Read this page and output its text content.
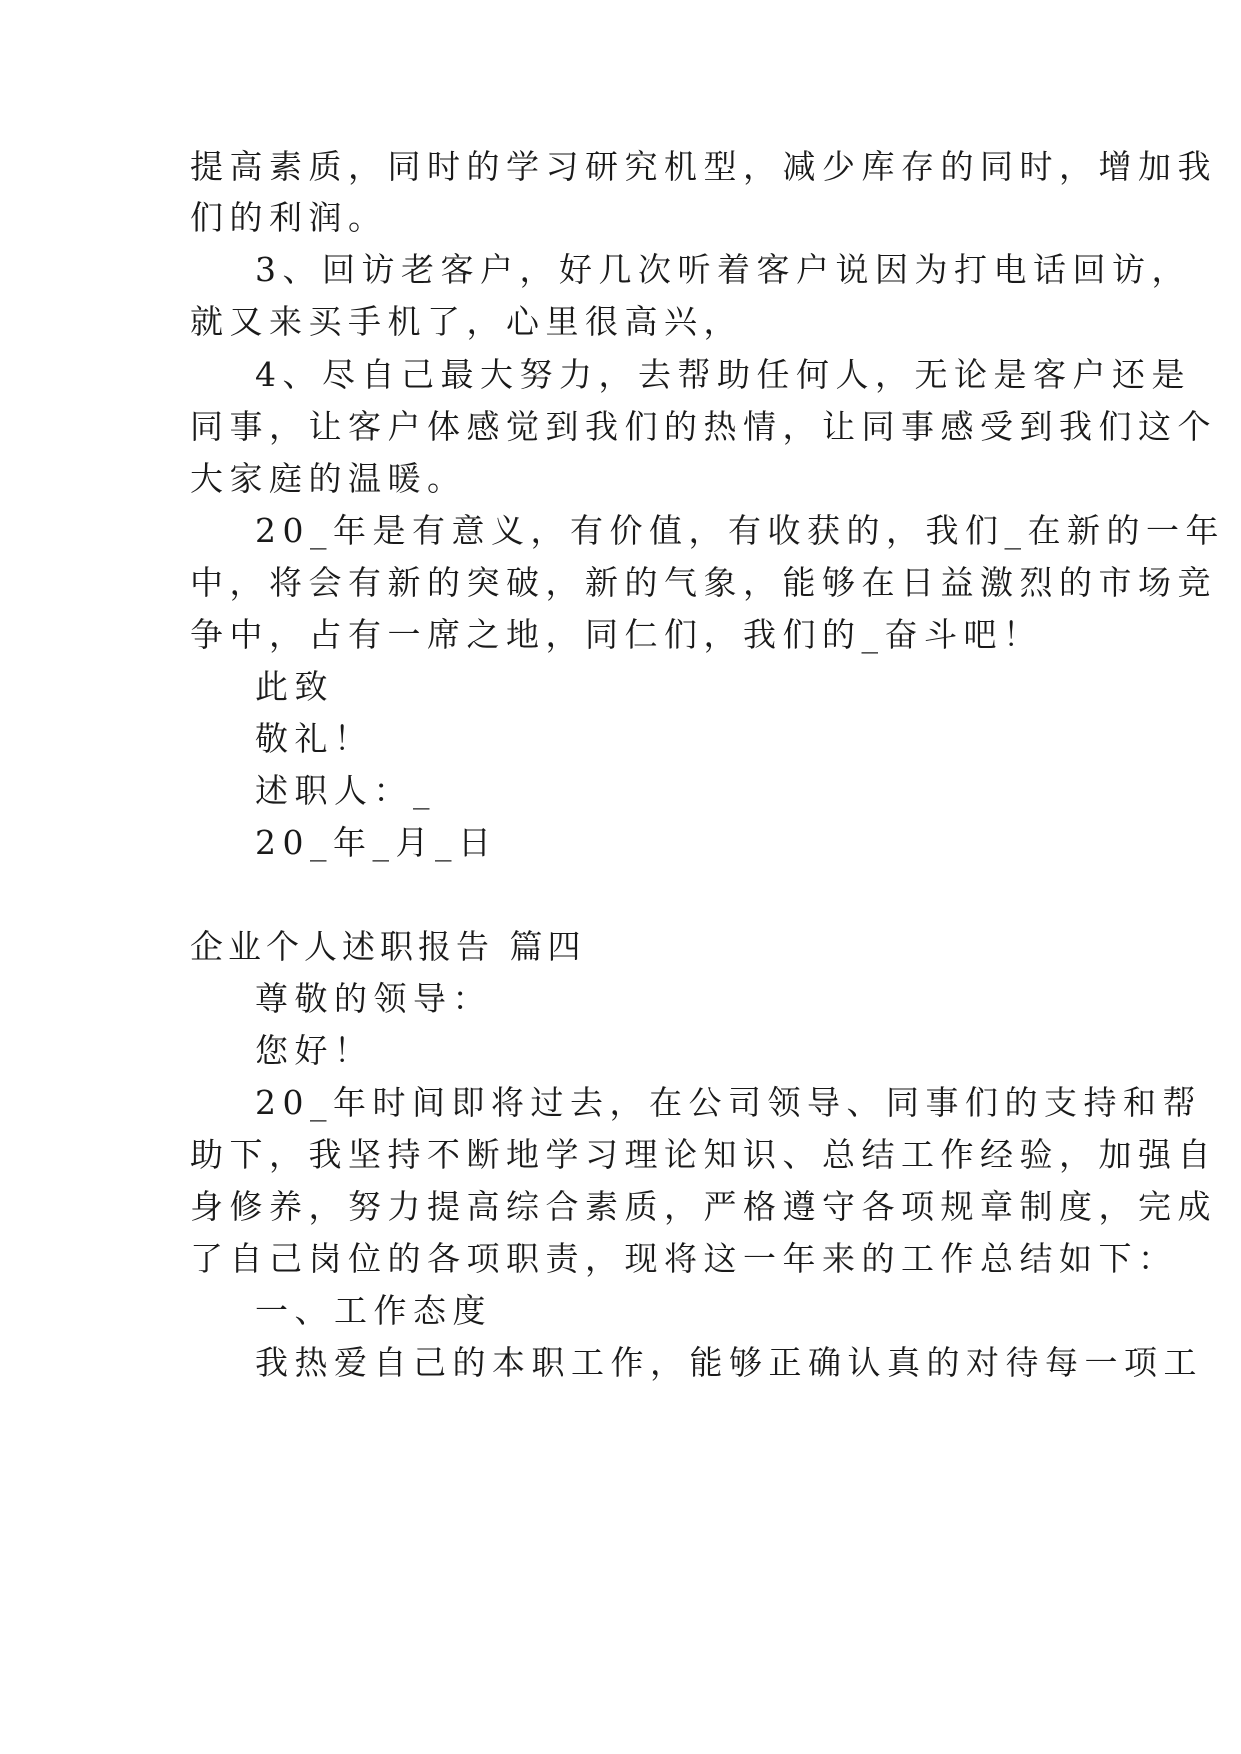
提高素质，同时的学习研究机型，减少库存的同时，增加我
们的利润。
3、回访老客户，好几次听着客户说因为打电话回访，
就又来买手机了，心里很高兴，
4、尽自己最大努力，去帮助任何人，无论是客户还是
同事，让客户体感觉到我们的热情，让同事感受到我们这个
大家庭的温暖。
20_年是有意义，有价值，有收获的，我们_在新的一年
中，将会有新的突破，新的气象，能够在日益激烈的市场竞
争中，占有一席之地，同仁们，我们的_奋斗吧！
此致
敬礼！
述职人：_
20_年_月_日
企业个人述职报告 篇四
尊敬的领导：
您好！
20_年时间即将过去，在公司领导、同事们的支持和帮
助下，我坚持不断地学习理论知识、总结工作经验，加强自
身修养，努力提高综合素质，严格遵守各项规章制度，完成
了自己岗位的各项职责，现将这一年来的工作总结如下：
一、工作态度
我热爱自己的本职工作，能够正确认真的对待每一项工
